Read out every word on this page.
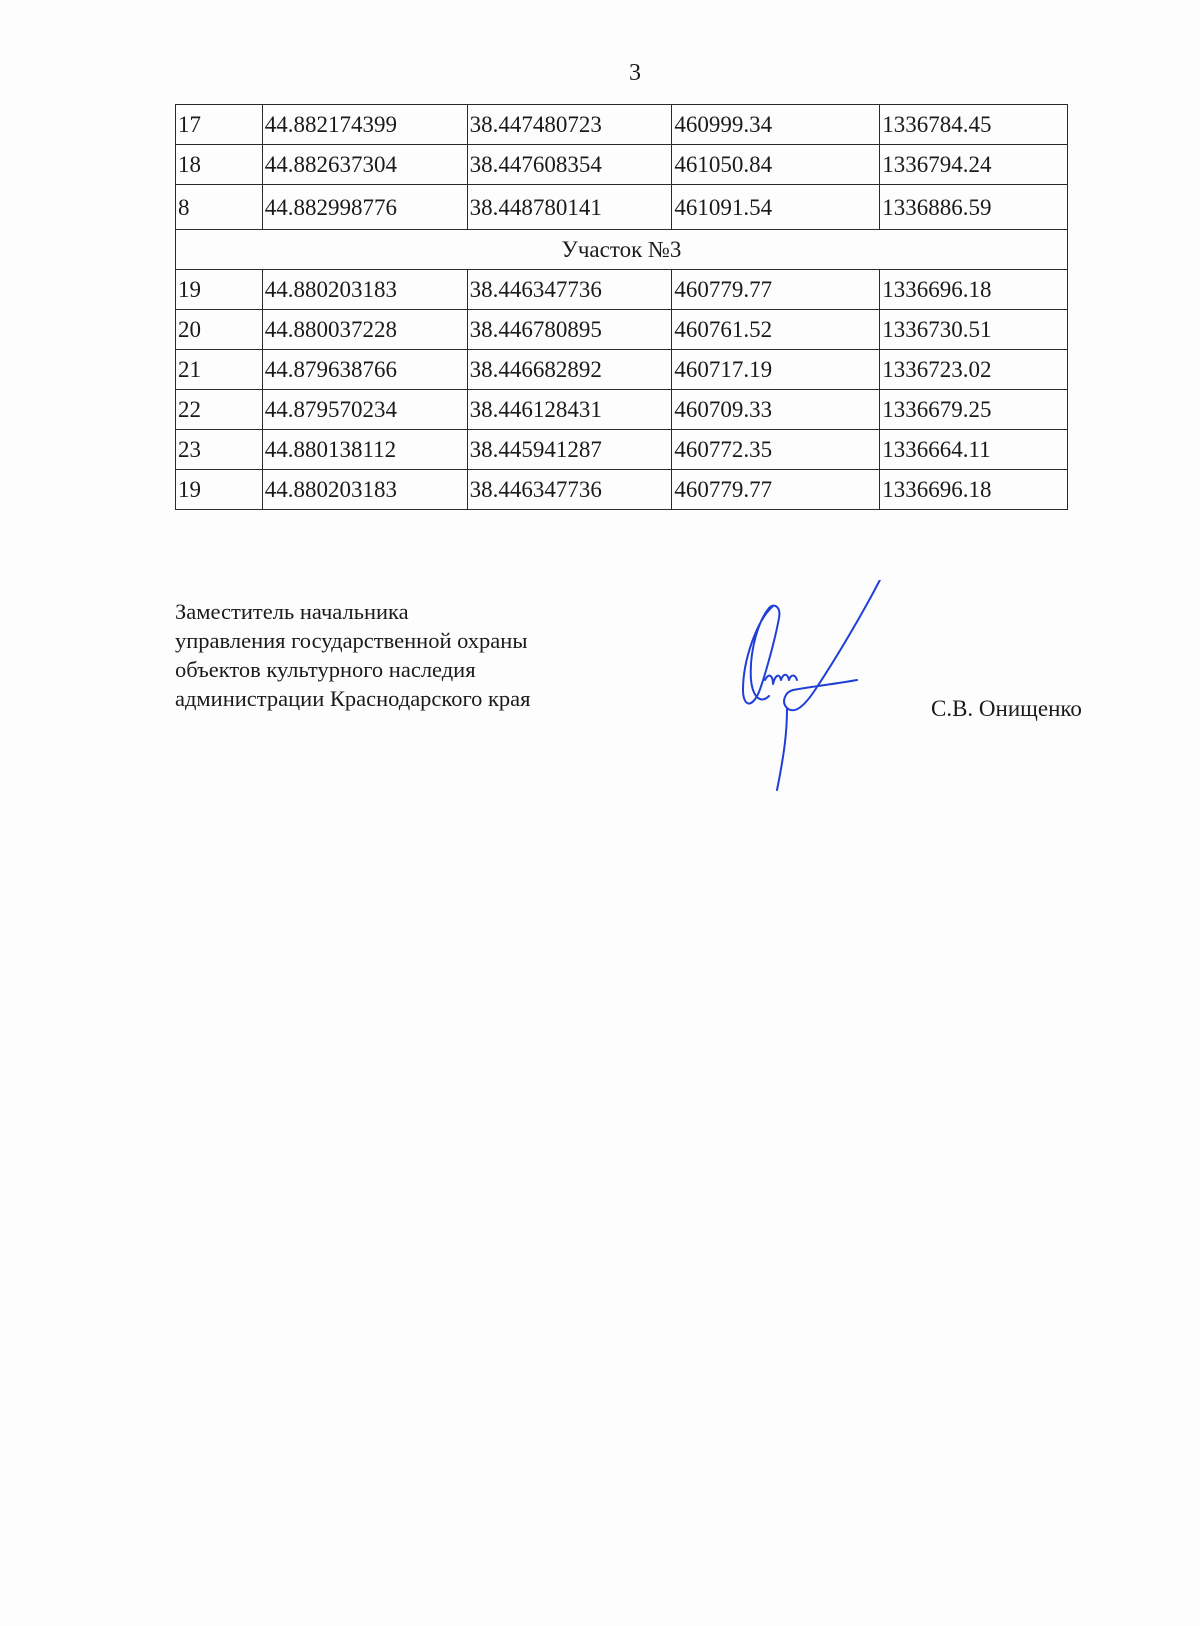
3
17	44.882174399	38.447480723	460999.34	1336784.45
18	44.882637304	38.447608354	461050.84	1336794.24
8	44.882998776	38.448780141	461091.54	1336886.59
Участок №3				
19	44.880203183	38.446347736	460779.77	1336696.18
20	44.880037228	38.446780895	460761.52	1336730.51
21	44.879638766	38.446682892	460717.19	1336723.02
22	44.879570234	38.446128431	460709.33	1336679.25
23	44.880138112	38.445941287	460772.35	1336664.11
19	44.880203183	38.446347736	460779.77	1336696.18
Заместитель начальника
управления государственной охраны
объектов культурного наследия
администрации Краснодарского края	С.В. Онищенко
